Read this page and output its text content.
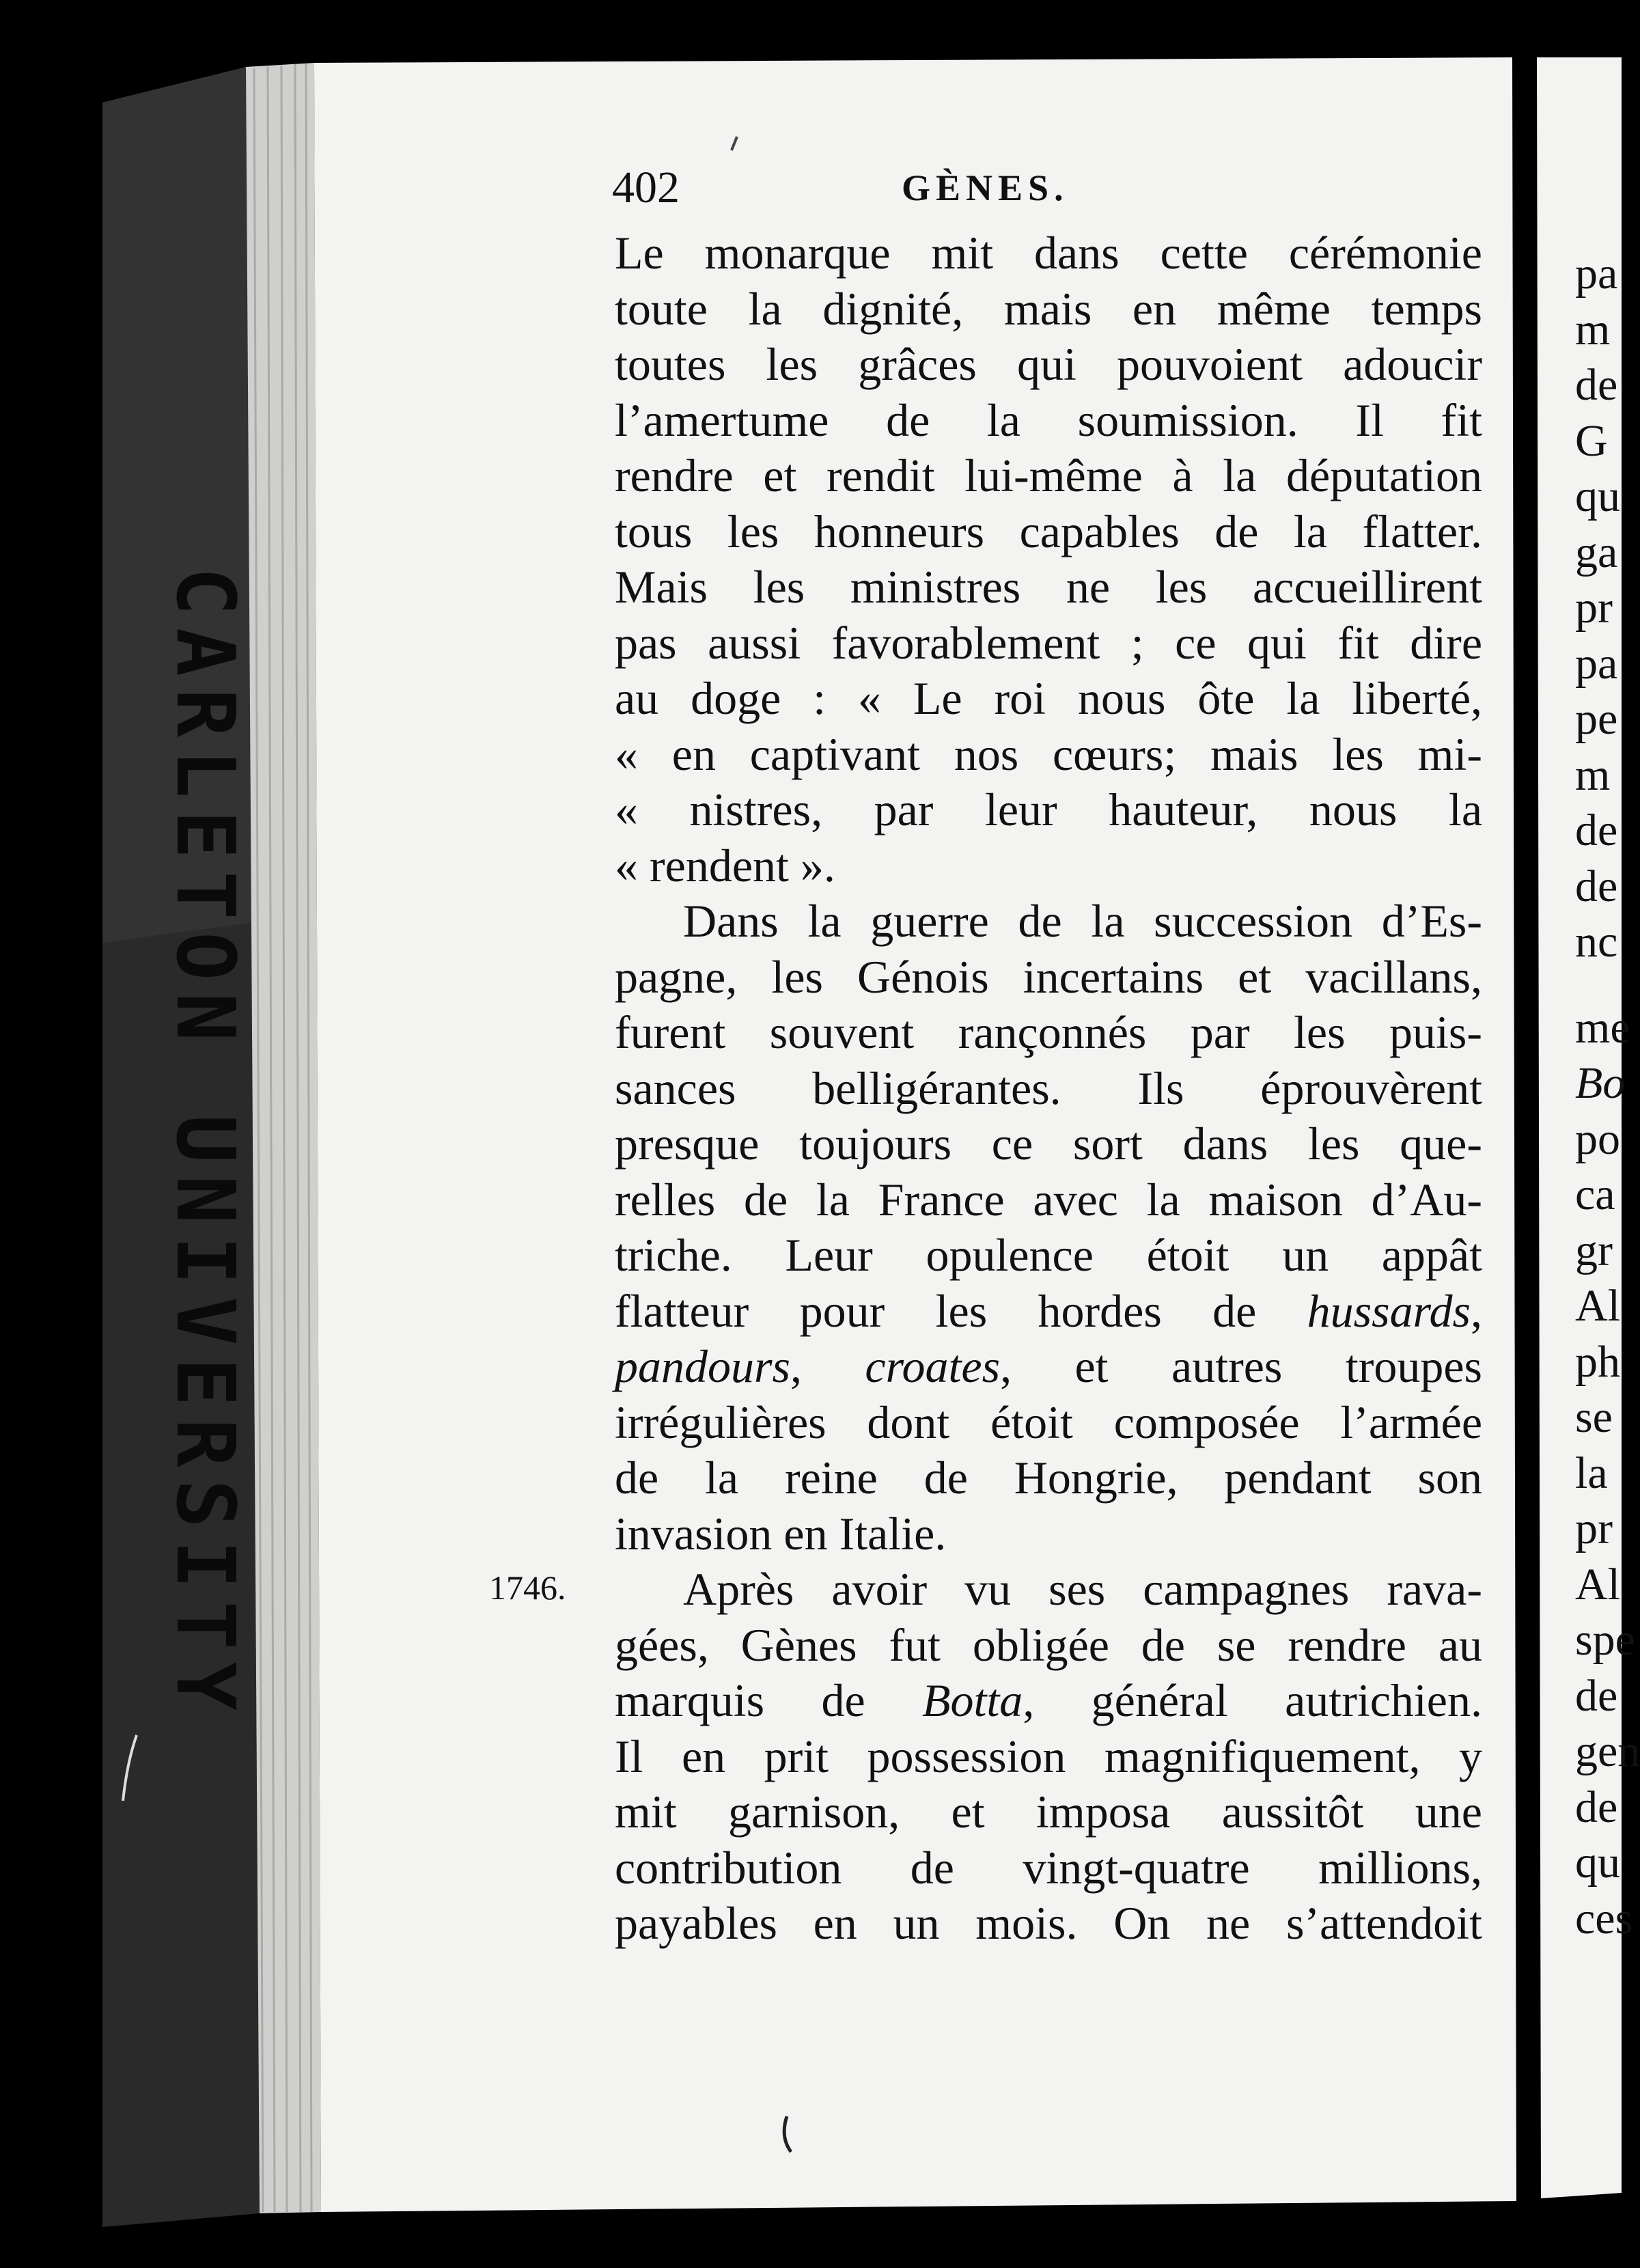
CARLETON UNIVERSITY
402	GÈNES.
1746.
Le monarque mit dans cette cérémonie
toute la dignité, mais en même temps
toutes les grâces qui pouvoient adoucir
l’amertume de la soumission. Il fit
rendre et rendit lui-même à la députation
tous les honneurs capables de la flatter.
Mais les ministres ne les accueillirent
pas aussi favorablement ; ce qui fit dire
au doge : « Le roi nous ôte la liberté,
« en captivant nos cœurs; mais les mi-
« nistres, par leur hauteur, nous la
« rendent ».
Dans la guerre de la succession d’Es-
pagne, les Génois incertains et vacillans,
furent souvent rançonnés par les puis-
sances belligérantes. Ils éprouvèrent
presque toujours ce sort dans les que-
relles de la France avec la maison d’Au-
triche. Leur opulence étoit un appât
flatteur pour les hordes de hussards,
pandours, croates, et autres troupes
irrégulières dont étoit composée l’armée
de la reine de Hongrie, pendant son
invasion en Italie.
Après avoir vu ses campagnes rava-
gées, Gènes fut obligée de se rendre au
marquis de Botta, général autrichien.
Il en prit possession magnifiquement, y
mit garnison, et imposa aussitôt une
contribution de vingt-quatre millions,
payables en un mois. On ne s’attendoit
pa
m
de
G
qu
ga
pr
pa
pe
m
de
de
nc
me
Bo
po
ca
gr
Al
ph
se
la
pr
Al
spe
de
gen
de
qu
ces
